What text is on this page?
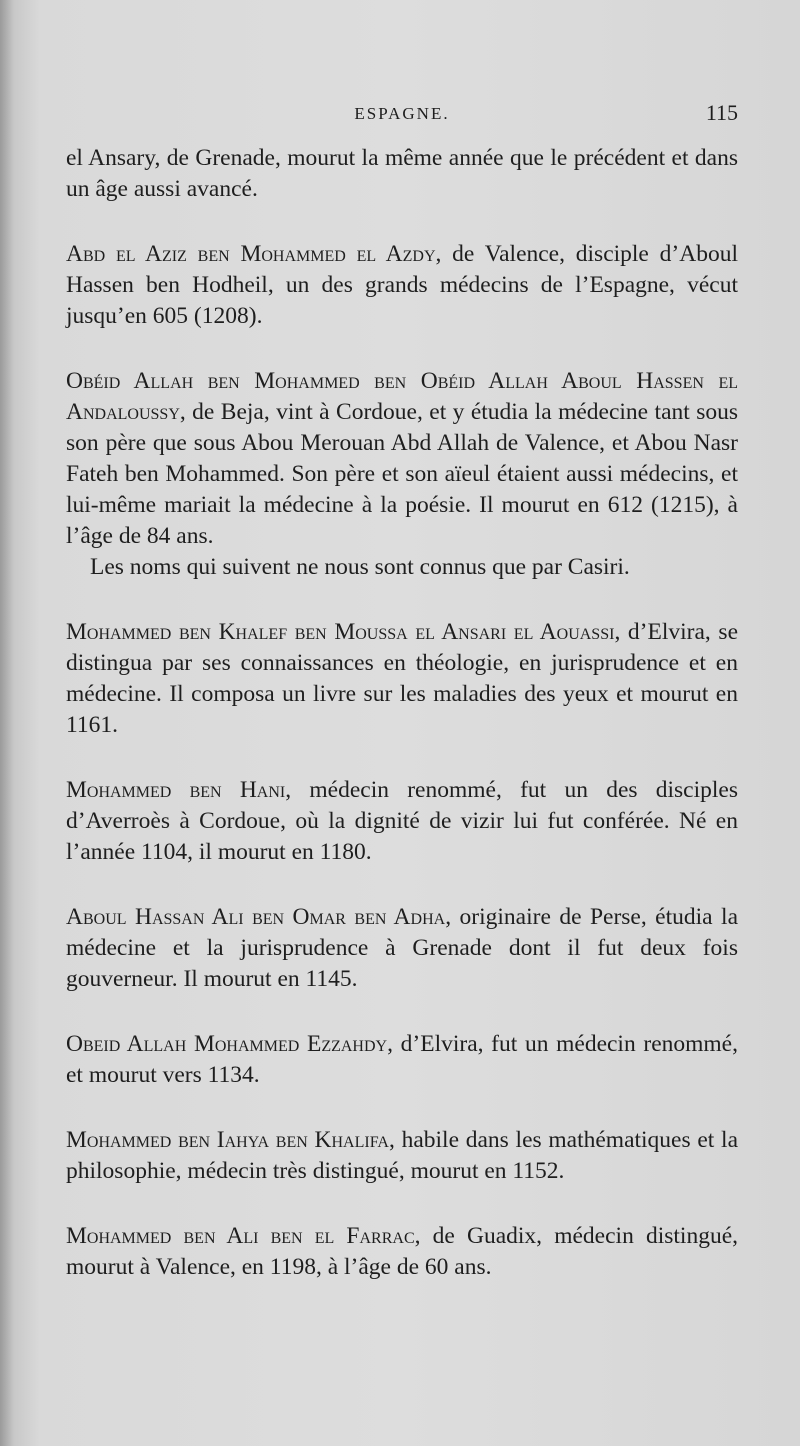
ESPAGNE.	115

el Ansary, de Grenade, mourut la même année que le précédent et dans un âge aussi avancé.

Abd el Aziz ben Mohammed el Azdy, de Valence, disciple d’Aboul Hassen ben Hodheil, un des grands médecins de l’Espagne, vécut jusqu’en 605 (1208).

Obéid Allah ben Mohammed ben Obéid Allah Aboul Hassen el Andaloussy, de Beja, vint à Cordoue, et y étudia la médecine tant sous son père que sous Abou Merouan Abd Allah de Valence, et Abou Nasr Fateh ben Mohammed. Son père et son aïeul étaient aussi médecins, et lui-même mariait la médecine à la poésie. Il mourut en 612 (1215), à l’âge de 84 ans.

Les noms qui suivent ne nous sont connus que par Casiri.

Mohammed ben Khalef ben Moussa el Ansari el Aouassi, d’Elvira, se distingua par ses connaissances en théologie, en jurisprudence et en médecine. Il composa un livre sur les maladies des yeux et mourut en 1161.

Mohammed ben Hani, médecin renommé, fut un des disciples d’Averroès à Cordoue, où la dignité de vizir lui fut conférée. Né en l’année 1104, il mourut en 1180.

Aboul Hassan Ali ben Omar ben Adha, originaire de Perse, étudia la médecine et la jurisprudence à Grenade dont il fut deux fois gouverneur. Il mourut en 1145.

Obeid Allah Mohammed Ezzahdy, d’Elvira, fut un médecin renommé, et mourut vers 1134.

Mohammed ben Iahya ben Khalifa, habile dans les mathématiques et la philosophie, médecin très distingué, mourut en 1152.

Mohammed ben Ali ben el Farrac, de Guadix, médecin distingué, mourut à Valence, en 1198, à l’âge de 60 ans.
